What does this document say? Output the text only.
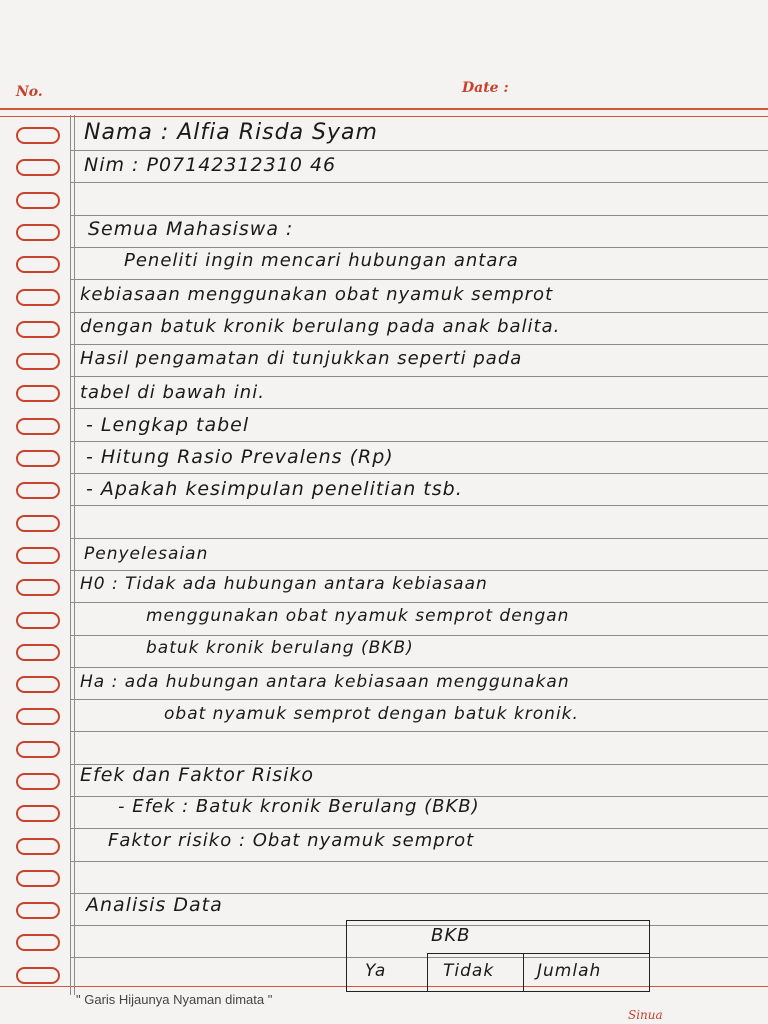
No.	Date :
Nama : Alfia Risda Syam
Nim : P07142312310 46
Semua Mahasiswa :
Peneliti ingin mencari hubungan antara
kebiasaan menggunakan obat nyamuk semprot
dengan batuk kronik berulang pada anak balita.
Hasil pengamatan di tunjukkan seperti pada
tabel di bawah ini.
- Lengkap tabel
- Hitung Rasio Prevalens (Rp)
- Apakah kesimpulan penelitian tsb.
Penyelesaian
H0 : Tidak ada hubungan antara kebiasaan
menggunakan obat nyamuk semprot dengan
batuk kronik berulang (BKB)
Ha : ada hubungan antara kebiasaan menggunakan
obat nyamuk semprot dengan batuk kronik.
Efek dan Faktor Risiko
- Efek : Batuk kronik Berulang (BKB)
Faktor risiko : Obat nyamuk semprot
Analisis Data
BKB
Ya	Tidak	Jumlah
" Garis Hijaunya Nyaman dimata "
Sinua
